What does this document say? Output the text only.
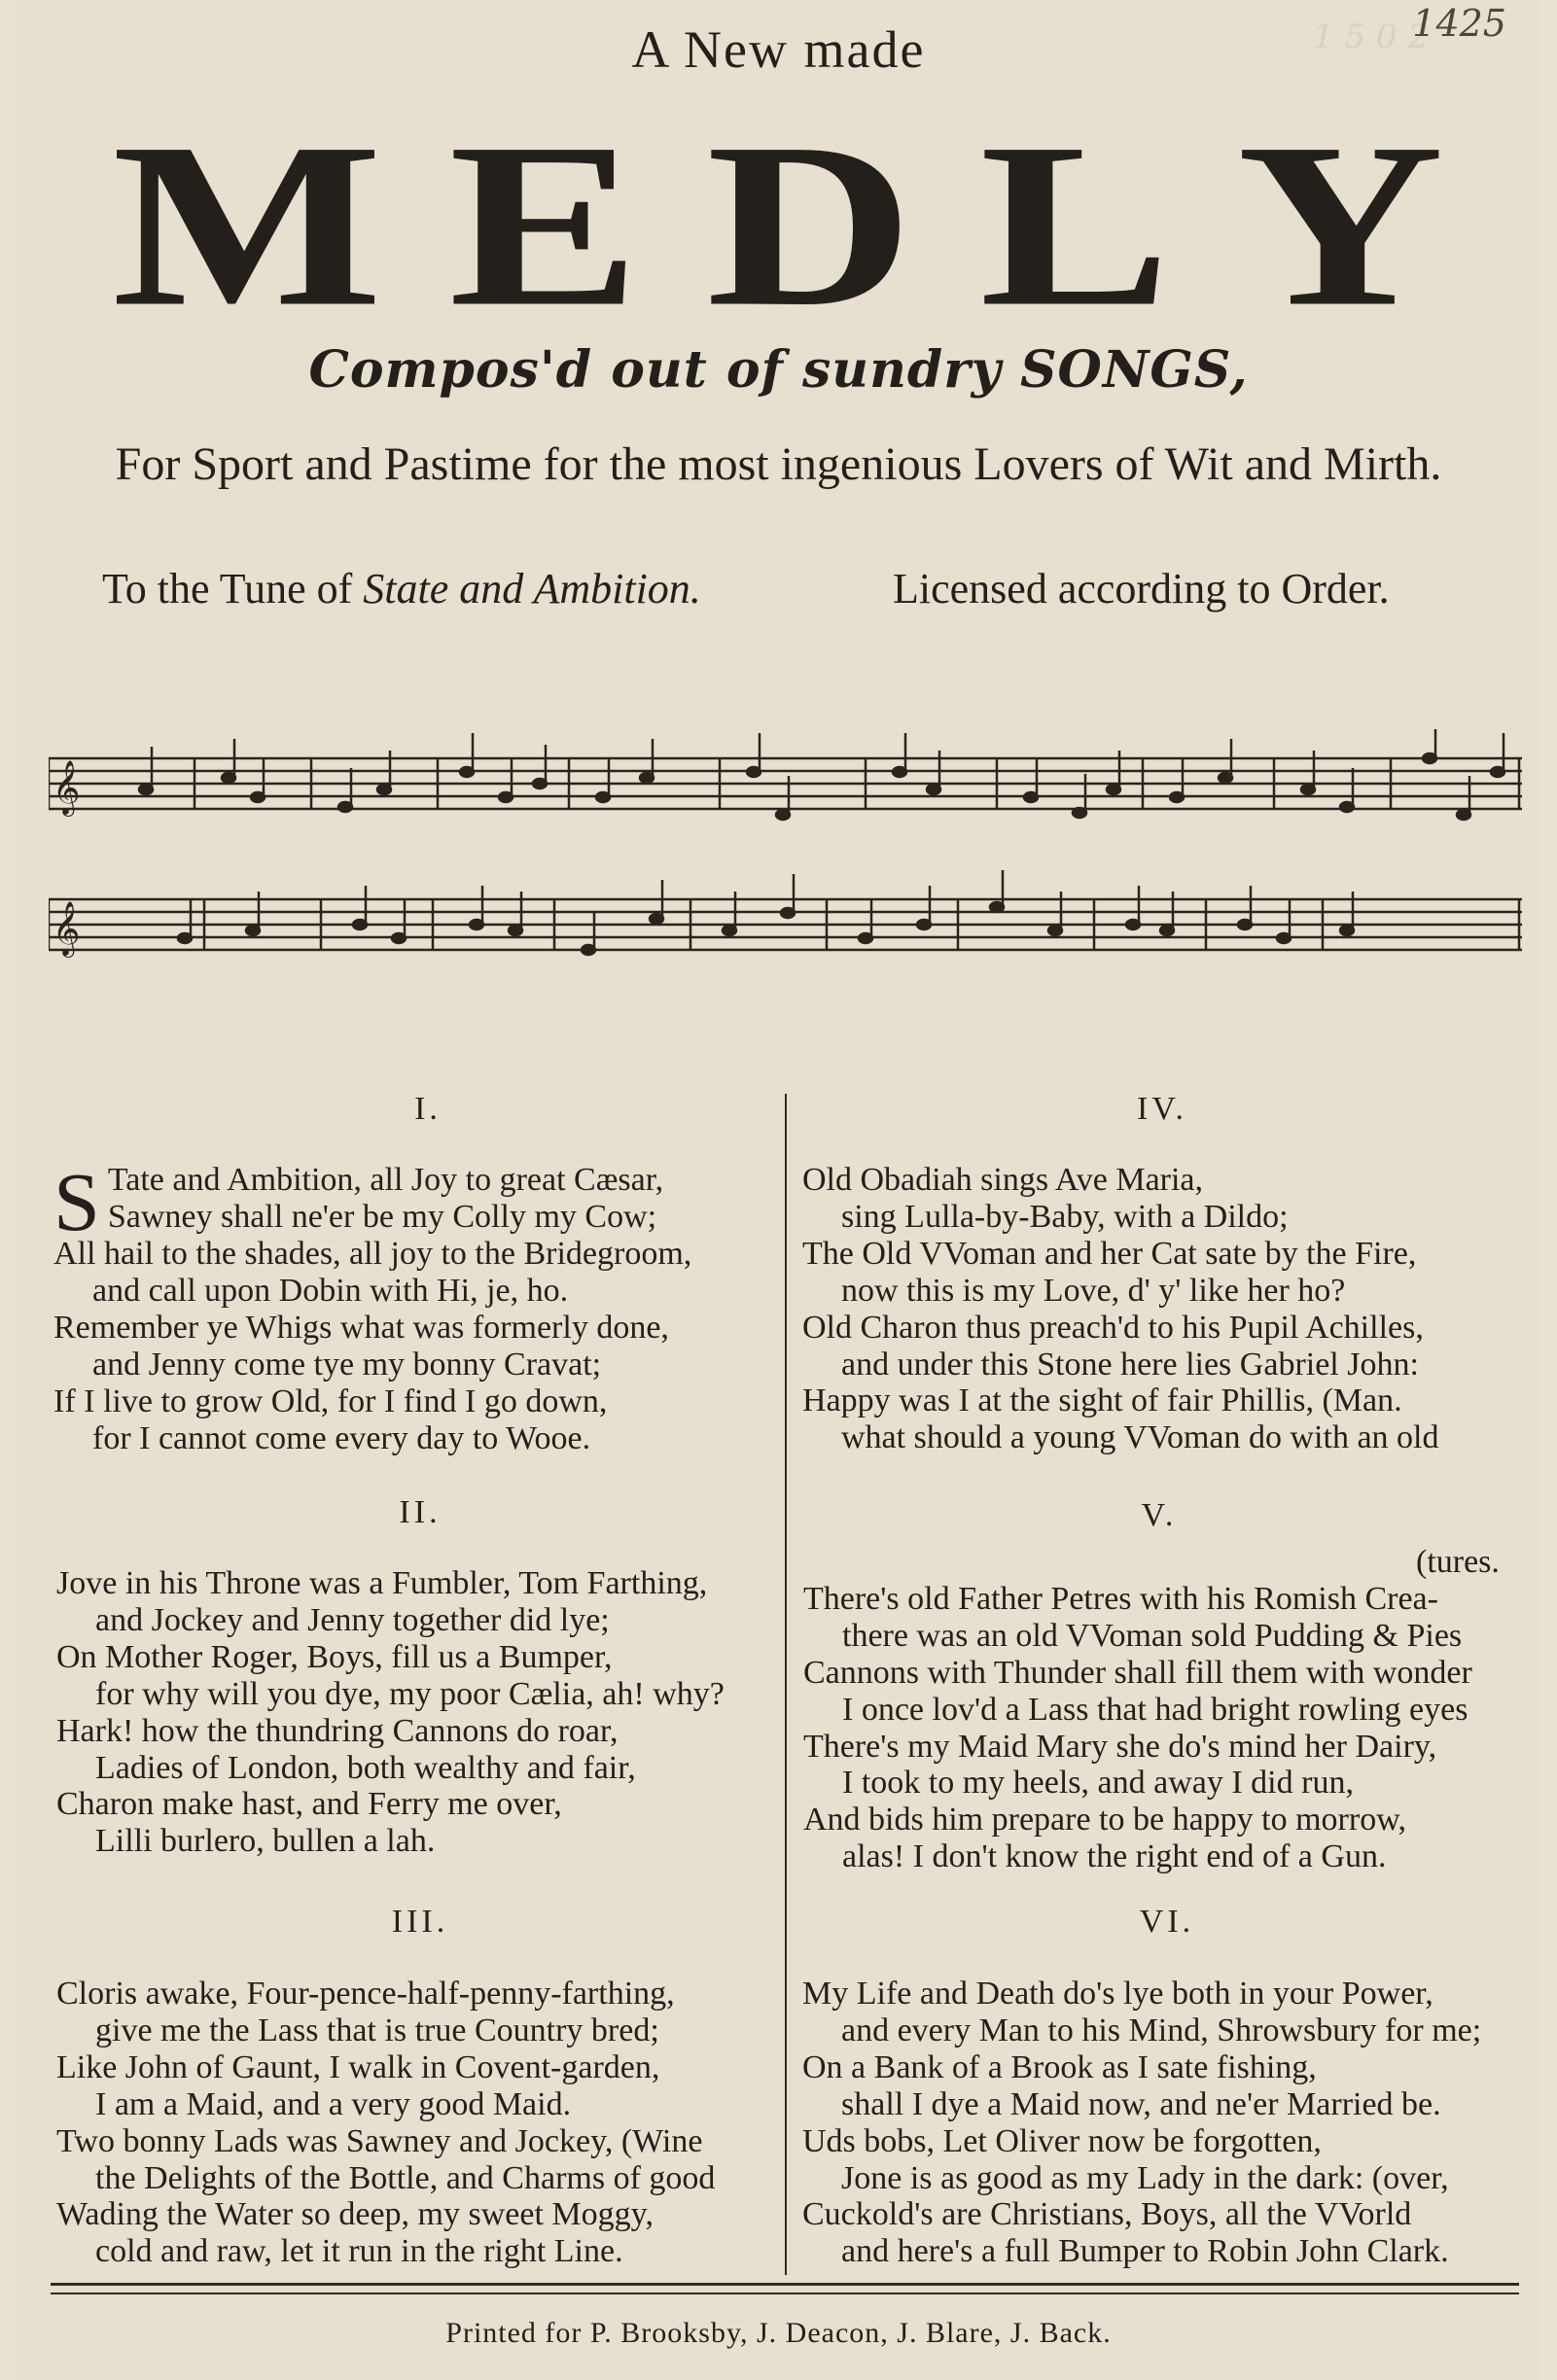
1 5 0 2
1425
A New made
M E D L Y
Compos'd out of sundry SONGS,
For Sport and Pastime for the most ingenious Lovers of Wit and Mirth.
To the Tune of State and Ambition.	Licensed according to Order.
𝄞
𝄞
I.
S Tate and Ambition, all Joy to great Cæsar,
Sawney shall ne'er be my Colly my Cow;
All hail to the shades, all joy to the Bridegroom,
and call upon Dobin with Hi, je, ho.
Remember ye Whigs what was formerly done,
and Jenny come tye my bonny Cravat;
If I live to grow Old, for I find I go down,
for I cannot come every day to Wooe.
II.
Jove in his Throne was a Fumbler, Tom Farthing,
and Jockey and Jenny together did lye;
On Mother Roger, Boys, fill us a Bumper,
for why will you dye, my poor Cælia, ah! why?
Hark! how the thundring Cannons do roar,
Ladies of London, both wealthy and fair,
Charon make hast, and Ferry me over,
Lilli burlero, bullen a lah.
III.
Cloris awake, Four-pence-half-penny-farthing,
give me the Lass that is true Country bred;
Like John of Gaunt, I walk in Covent-garden,
I am a Maid, and a very good Maid.
Two bonny Lads was Sawney and Jockey, (Wine
the Delights of the Bottle, and Charms of good
Wading the Water so deep, my sweet Moggy,
cold and raw, let it run in the right Line.
IV.
Old Obadiah sings Ave Maria,
sing Lulla-by-Baby, with a Dildo;
The Old VVoman and her Cat sate by the Fire,
now this is my Love, d' y' like her ho?
Old Charon thus preach'd to his Pupil Achilles,
and under this Stone here lies Gabriel John:
Happy was I at the sight of fair Phillis, (Man.
what should a young VVoman do with an old
V.
(tures.
There's old Father Petres with his Romish Crea-
there was an old VVoman sold Pudding & Pies
Cannons with Thunder shall fill them with wonder
I once lov'd a Lass that had bright rowling eyes
There's my Maid Mary she do's mind her Dairy,
I took to my heels, and away I did run,
And bids him prepare to be happy to morrow,
alas! I don't know the right end of a Gun.
VI.
My Life and Death do's lye both in your Power,
and every Man to his Mind, Shrowsbury for me;
On a Bank of a Brook as I sate fishing,
shall I dye a Maid now, and ne'er Married be.
Uds bobs, Let Oliver now be forgotten,
Jone is as good as my Lady in the dark: (over,
Cuckold's are Christians, Boys, all the VVorld
and here's a full Bumper to Robin John Clark.
Printed for P. Brooksby, J. Deacon, J. Blare, J. Back.
